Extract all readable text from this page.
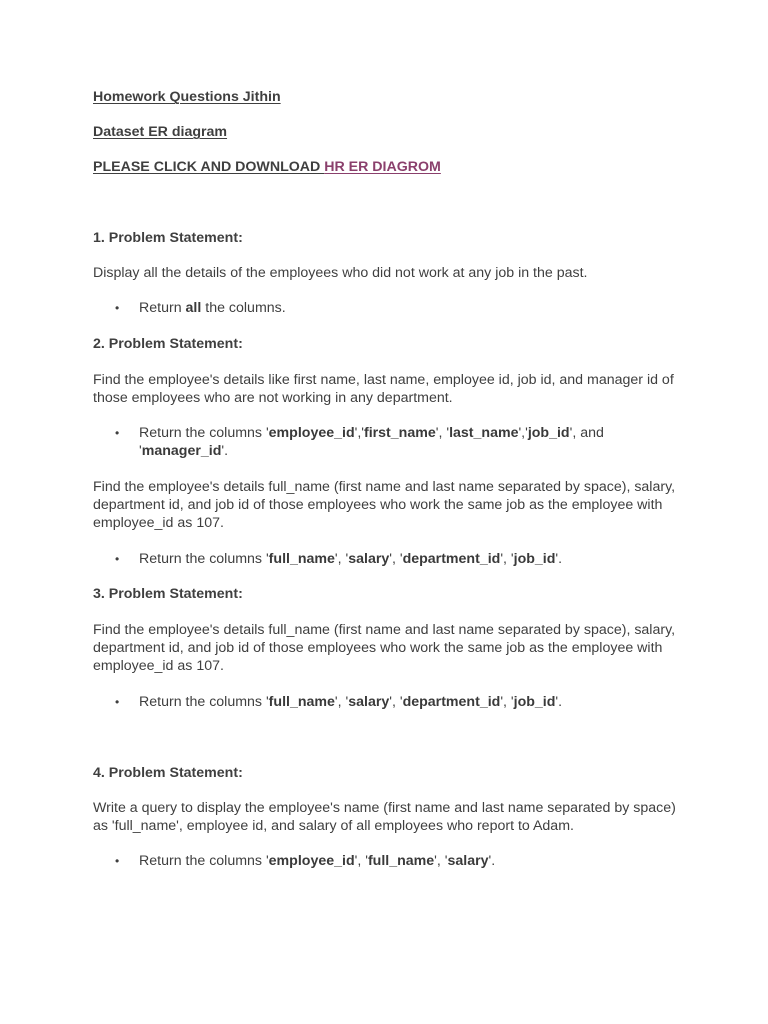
Homework Questions Jithin
Dataset ER diagram
PLEASE CLICK AND DOWNLOAD HR ER DIAGROM
1. Problem Statement:
Display all the details of the employees who did not work at any job in the past.
• Return all the columns.
2. Problem Statement:
Find the employee's details like first name, last name, employee id, job id, and manager id of those employees who are not working in any department.
• Return the columns 'employee_id','first_name', 'last_name','job_id', and 'manager_id'.
Find the employee's details full_name (first name and last name separated by space), salary, department id, and job id of those employees who work the same job as the employee with employee_id as 107.
• Return the columns 'full_name', 'salary', 'department_id', 'job_id'.
3. Problem Statement:
Find the employee's details full_name (first name and last name separated by space), salary, department id, and job id of those employees who work the same job as the employee with employee_id as 107.
• Return the columns 'full_name', 'salary', 'department_id', 'job_id'.
4. Problem Statement:
Write a query to display the employee's name (first name and last name separated by space) as 'full_name', employee id, and salary of all employees who report to Adam.
• Return the columns 'employee_id', 'full_name', 'salary'.
